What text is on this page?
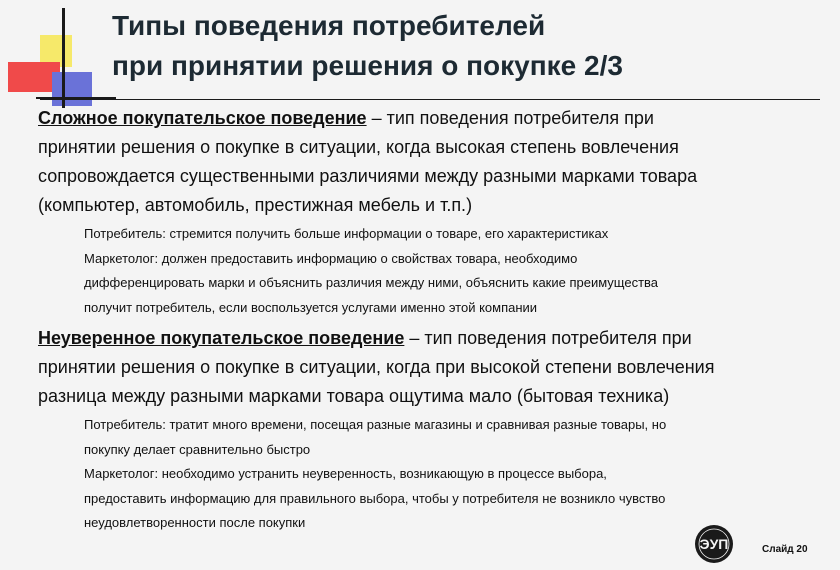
Типы поведения потребителей
при принятии решения о покупке 2/3
Сложное покупательское поведение – тип поведения потребителя при
принятии решения о покупке в ситуации, когда высокая степень вовлечения
сопровождается существенными различиями между разными марками товара
(компьютер, автомобиль, престижная мебель и т.п.)
Потребитель: стремится получить больше информации о товаре, его характеристиках
Маркетолог: должен предоставить информацию о свойствах товара, необходимо
дифференцировать марки и объяснить различия между ними, объяснить какие преимущества
получит потребитель, если воспользуется услугами именно этой компании
Неуверенное покупательское поведение – тип поведения потребителя при
принятии решения о покупке в ситуации, когда при высокой степени вовлечения
разница между разными марками товара ощутима мало (бытовая техника)
Потребитель: тратит много времени, посещая разные магазины и сравнивая разные товары, но
покупку делает сравнительно быстро
Маркетолог: необходимо устранить неуверенность, возникающую в процессе выбора,
предоставить информацию для правильного выбора, чтобы у потребителя не возникло чувство
неудовлетворенности после покупки
ЭУП	Слайд 20
